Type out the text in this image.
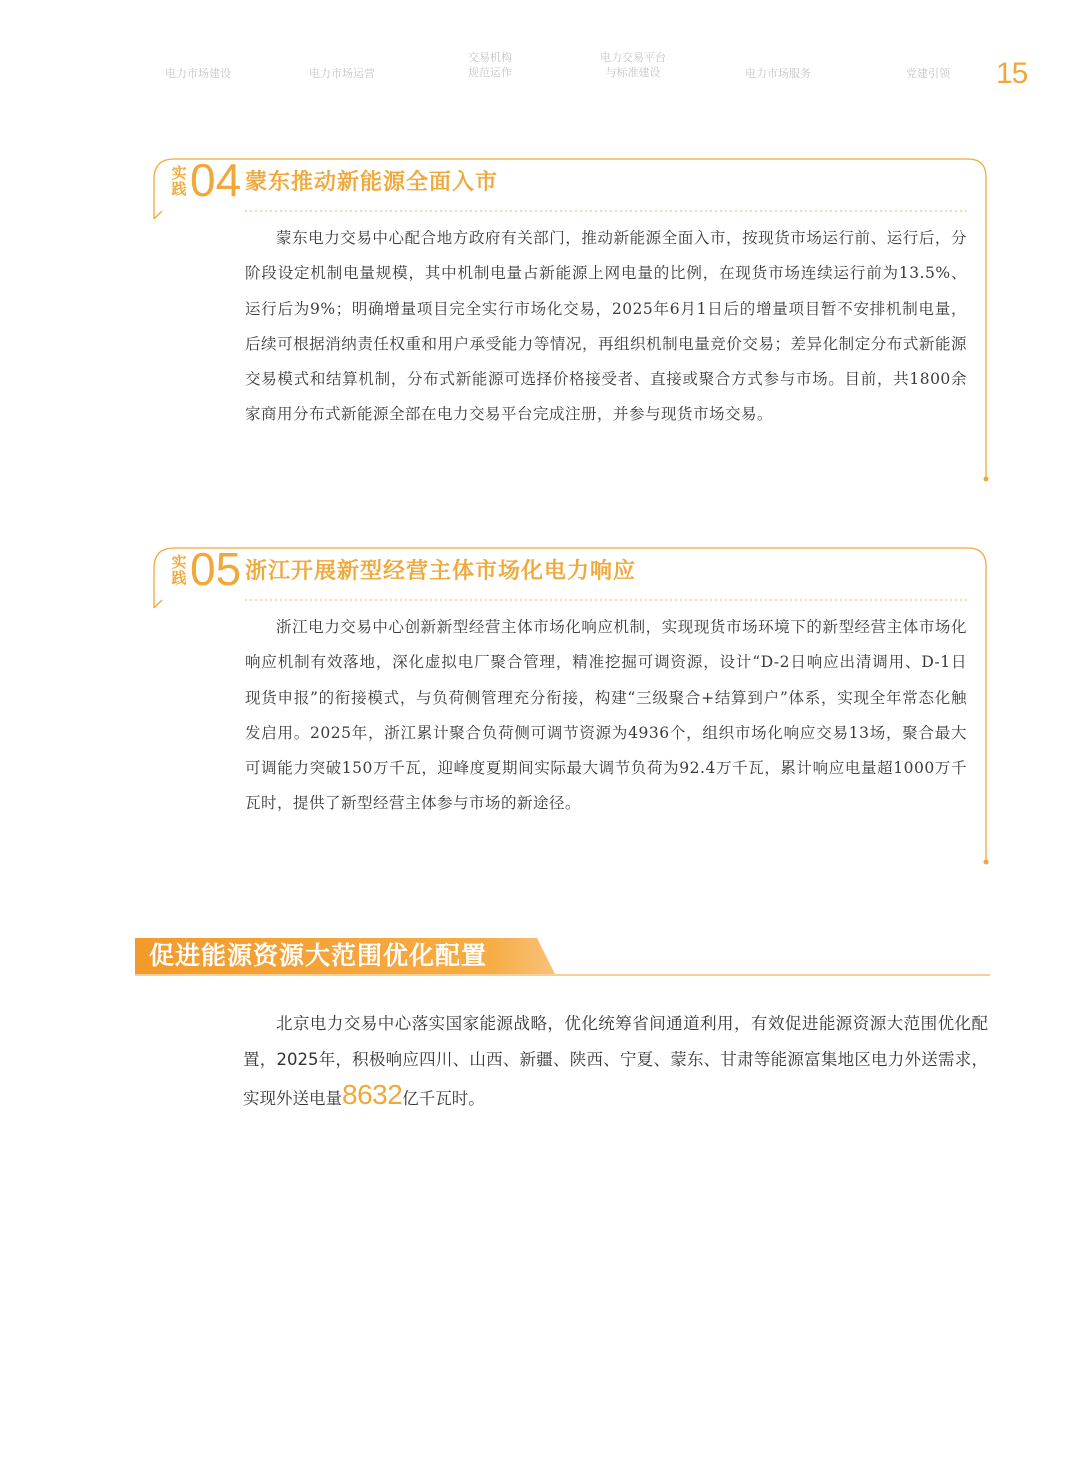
电力市场建设	电力市场运营
交易机构
规范运作
电力交易平台
与标准建设	电力市场服务	党建引领	15
实
践 04 蒙东推动新能源全面入市

蒙东电力交易中心配合地方政府有关部门，推动新能源全面入市，按现货市场运行前、运行后，分阶段设定机制电量规模，其中机制电量占新能源上网电量的比例，在现货市场连续运行前为13.5%、运行后为9%；明确增量项目完全实行市场化交易，2025年6月1日后的增量项目暂不安排机制电量，后续可根据消纳责任权重和用户承受能力等情况，再组织机制电量竞价交易；差异化制定分布式新能源交易模式和结算机制，分布式新能源可选择价格接受者、直接或聚合方式参与市场。目前，共1800余家商用分布式新能源全部在电力交易平台完成注册，并参与现货市场交易。

实
践 05 浙江开展新型经营主体市场化电力响应

浙江电力交易中心创新新型经营主体市场化响应机制，实现现货市场环境下的新型经营主体市场化响应机制有效落地，深化虚拟电厂聚合管理，精准挖掘可调资源，设计“D-2日响应出清调用、D-1日现货申报”的衔接模式，与负荷侧管理充分衔接，构建“三级聚合+结算到户”体系，实现全年常态化触发启用。2025年，浙江累计聚合负荷侧可调节资源为4936个，组织市场化响应交易13场，聚合最大可调能力突破150万千瓦，迎峰度夏期间实际最大调节负荷为92.4万千瓦，累计响应电量超1000万千瓦时，提供了新型经营主体参与市场的新途径。

促进能源资源大范围优化配置

北京电力交易中心落实国家能源战略，优化统筹省间通道利用，有效促进能源资源大范围优化配置，2025年，积极响应四川、山西、新疆、陕西、宁夏、蒙东、甘肃等能源富集地区电力外送需求，实现外送电量8632亿千瓦时。
